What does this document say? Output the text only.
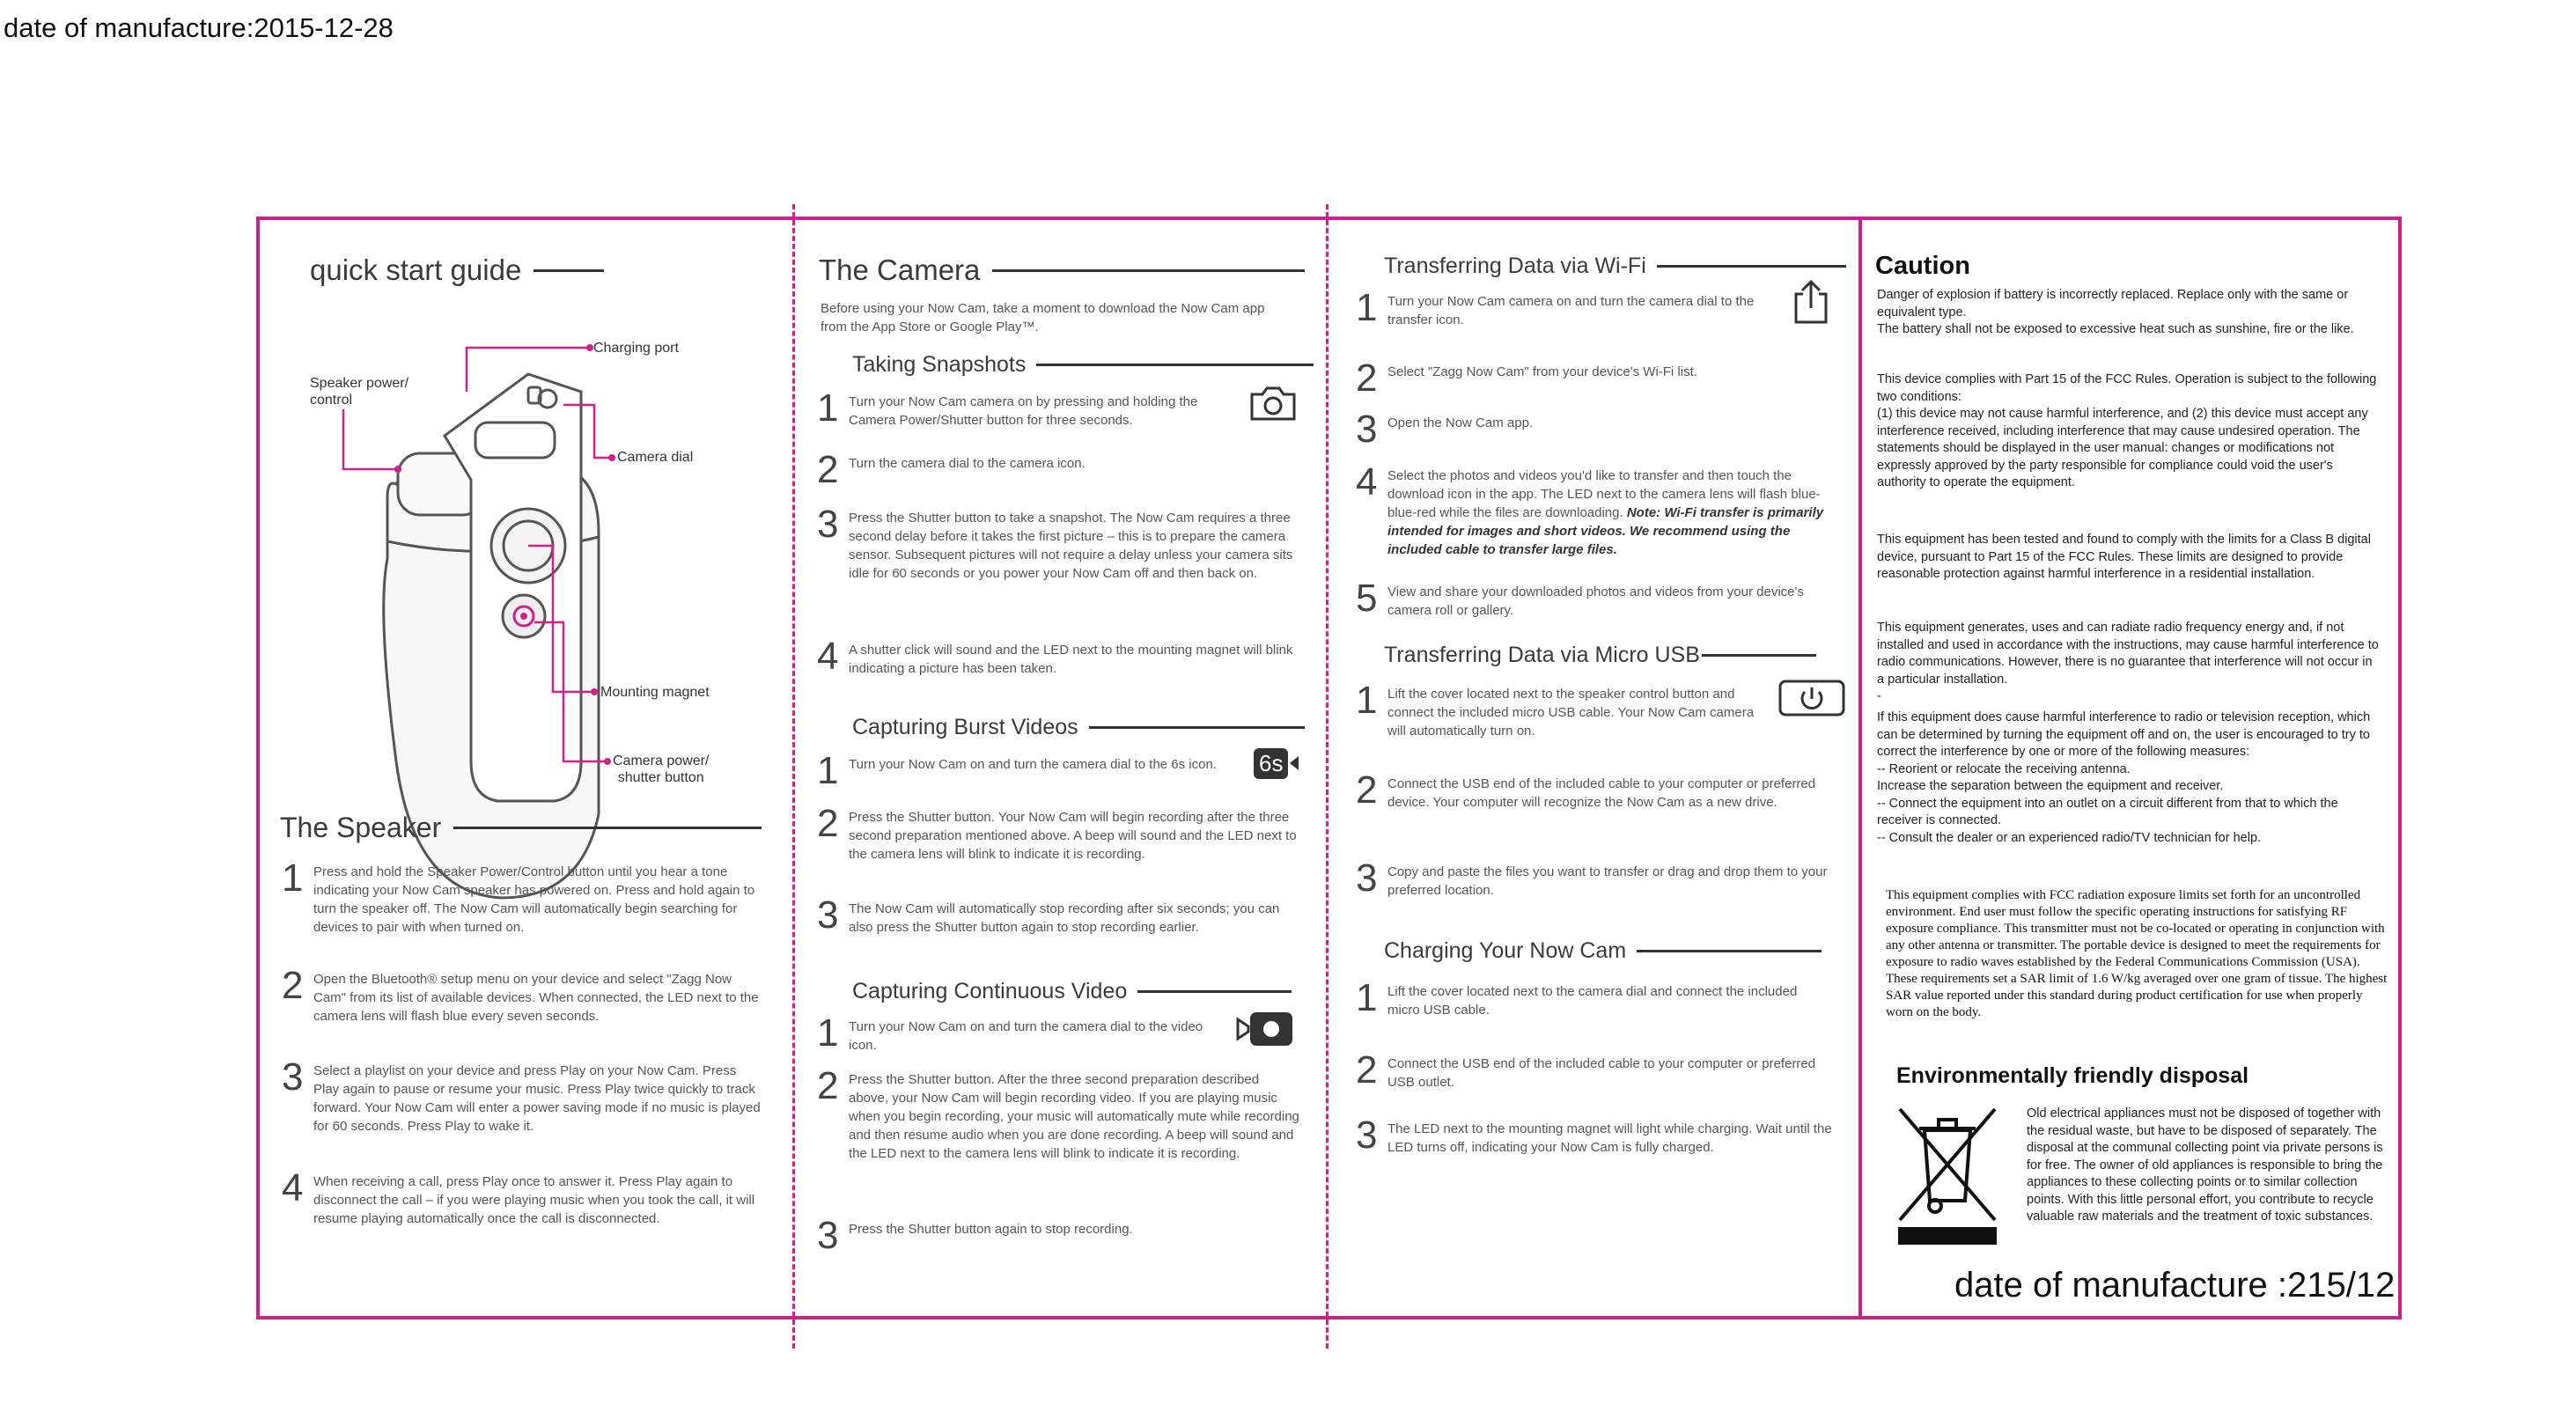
date of manufacture:2015-12-28
quick start guide
Charging port
Speaker power/
control
Camera dial
Mounting magnet
Camera power/
shutter button
The Speaker
1 Press and hold the Speaker Power/Control button until you hear a tone indicating your Now Cam speaker has powered on. Press and hold again to turn the speaker off. The Now Cam will automatically begin searching for devices to pair with when turned on.
2 Open the Bluetooth® setup menu on your device and select "Zagg Now Cam" from its list of available devices. When connected, the LED next to the camera lens will flash blue every seven seconds.
3 Select a playlist on your device and press Play on your Now Cam. Press Play again to pause or resume your music. Press Play twice quickly to track forward. Your Now Cam will enter a power saving mode if no music is played for 60 seconds. Press Play to wake it.
4 When receiving a call, press Play once to answer it. Press Play again to disconnect the call – if you were playing music when you took the call, it will resume playing automatically once the call is disconnected.
The Camera
Before using your Now Cam, take a moment to download the Now Cam app from the App Store or Google Play™.
Taking Snapshots
1 Turn your Now Cam camera on by pressing and holding the Camera Power/Shutter button for three seconds.
2 Turn the camera dial to the camera icon.
3 Press the Shutter button to take a snapshot. The Now Cam requires a three second delay before it takes the first picture – this is to prepare the camera sensor. Subsequent pictures will not require a delay unless your camera sits idle for 60 seconds or you power your Now Cam off and then back on.
4 A shutter click will sound and the LED next to the mounting magnet will blink indicating a picture has been taken.
Capturing Burst Videos
6s
1 Turn your Now Cam on and turn the camera dial to the 6s icon.
2 Press the Shutter button. Your Now Cam will begin recording after the three second preparation mentioned above. A beep will sound and the LED next to the camera lens will blink to indicate it is recording.
3 The Now Cam will automatically stop recording after six seconds; you can also press the Shutter button again to stop recording earlier.
Capturing Continuous Video
1 Turn your Now Cam on and turn the camera dial to the video icon.
2 Press the Shutter button. After the three second preparation described above, your Now Cam will begin recording video. If you are playing music when you begin recording, your music will automatically mute while recording and then resume audio when you are done recording. A beep will sound and the LED next to the camera lens will blink to indicate it is recording.
3 Press the Shutter button again to stop recording.
Transferring Data via Wi-Fi
1 Turn your Now Cam camera on and turn the camera dial to the transfer icon.
2 Select "Zagg Now Cam" from your device's Wi-Fi list.
3 Open the Now Cam app.
4 Select the photos and videos you'd like to transfer and then touch the download icon in the app. The LED next to the camera lens will flash blue-blue-red while the files are downloading. Note: Wi-Fi transfer is primarily intended for images and short videos. We recommend using the included cable to transfer large files.
5 View and share your downloaded photos and videos from your device's camera roll or gallery.
Transferring Data via Micro USB
1 Lift the cover located next to the speaker control button and connect the included micro USB cable. Your Now Cam camera will automatically turn on.
2 Connect the USB end of the included cable to your computer or preferred device. Your computer will recognize the Now Cam as a new drive.
3 Copy and paste the files you want to transfer or drag and drop them to your preferred location.
Charging Your Now Cam
1 Lift the cover located next to the camera dial and connect the included micro USB cable.
2 Connect the USB end of the included cable to your computer or preferred USB outlet.
3 The LED next to the mounting magnet will light while charging. Wait until the LED turns off, indicating your Now Cam is fully charged.
Caution
Danger of explosion if battery is incorrectly replaced. Replace only with the same or equivalent type.
The battery shall not be exposed to excessive heat such as sunshine, fire or the like.
This device complies with Part 15 of the FCC Rules. Operation is subject to the following two conditions:
(1) this device may not cause harmful interference, and (2) this device must accept any interference received, including interference that may cause undesired operation. The statements should be displayed in the user manual: changes or modifications not expressly approved by the party responsible for compliance could void the user's authority to operate the equipment.
This equipment has been tested and found to comply with the limits for a Class B digital device, pursuant to Part 15 of the FCC Rules. These limits are designed to provide reasonable protection against harmful interference in a residential installation.
This equipment generates, uses and can radiate radio frequency energy and, if not installed and used in accordance with the instructions, may cause harmful interference to radio communications. However, there is no guarantee that interference will not occur in a particular installation.
-
If this equipment does cause harmful interference to radio or television reception, which can be determined by turning the equipment off and on, the user is encouraged to try to correct the interference by one or more of the following measures:
-- Reorient or relocate the receiving antenna.
Increase the separation between the equipment and receiver.
-- Connect the equipment into an outlet on a circuit different from that to which the receiver is connected.
-- Consult the dealer or an experienced radio/TV technician for help.
This equipment complies with FCC radiation exposure limits set forth for an uncontrolled environment. End user must follow the specific operating instructions for satisfying RF exposure compliance. This transmitter must not be co-located or operating in conjunction with any other antenna or transmitter. The portable device is designed to meet the requirements for exposure to radio waves established by the Federal Communications Commission (USA). These requirements set a SAR limit of 1.6 W/kg averaged over one gram of tissue. The highest SAR value reported under this standard during product certification for use when properly worn on the body.
Environmentally friendly disposal
Old electrical appliances must not be disposed of together with the residual waste, but have to be disposed of separately. The disposal at the communal collecting point via private persons is for free. The owner of old appliances is responsible to bring the appliances to these collecting points or to similar collection points. With this little personal effort, you contribute to recycle valuable raw materials and the treatment of toxic substances.
date of manufacture :215/12
